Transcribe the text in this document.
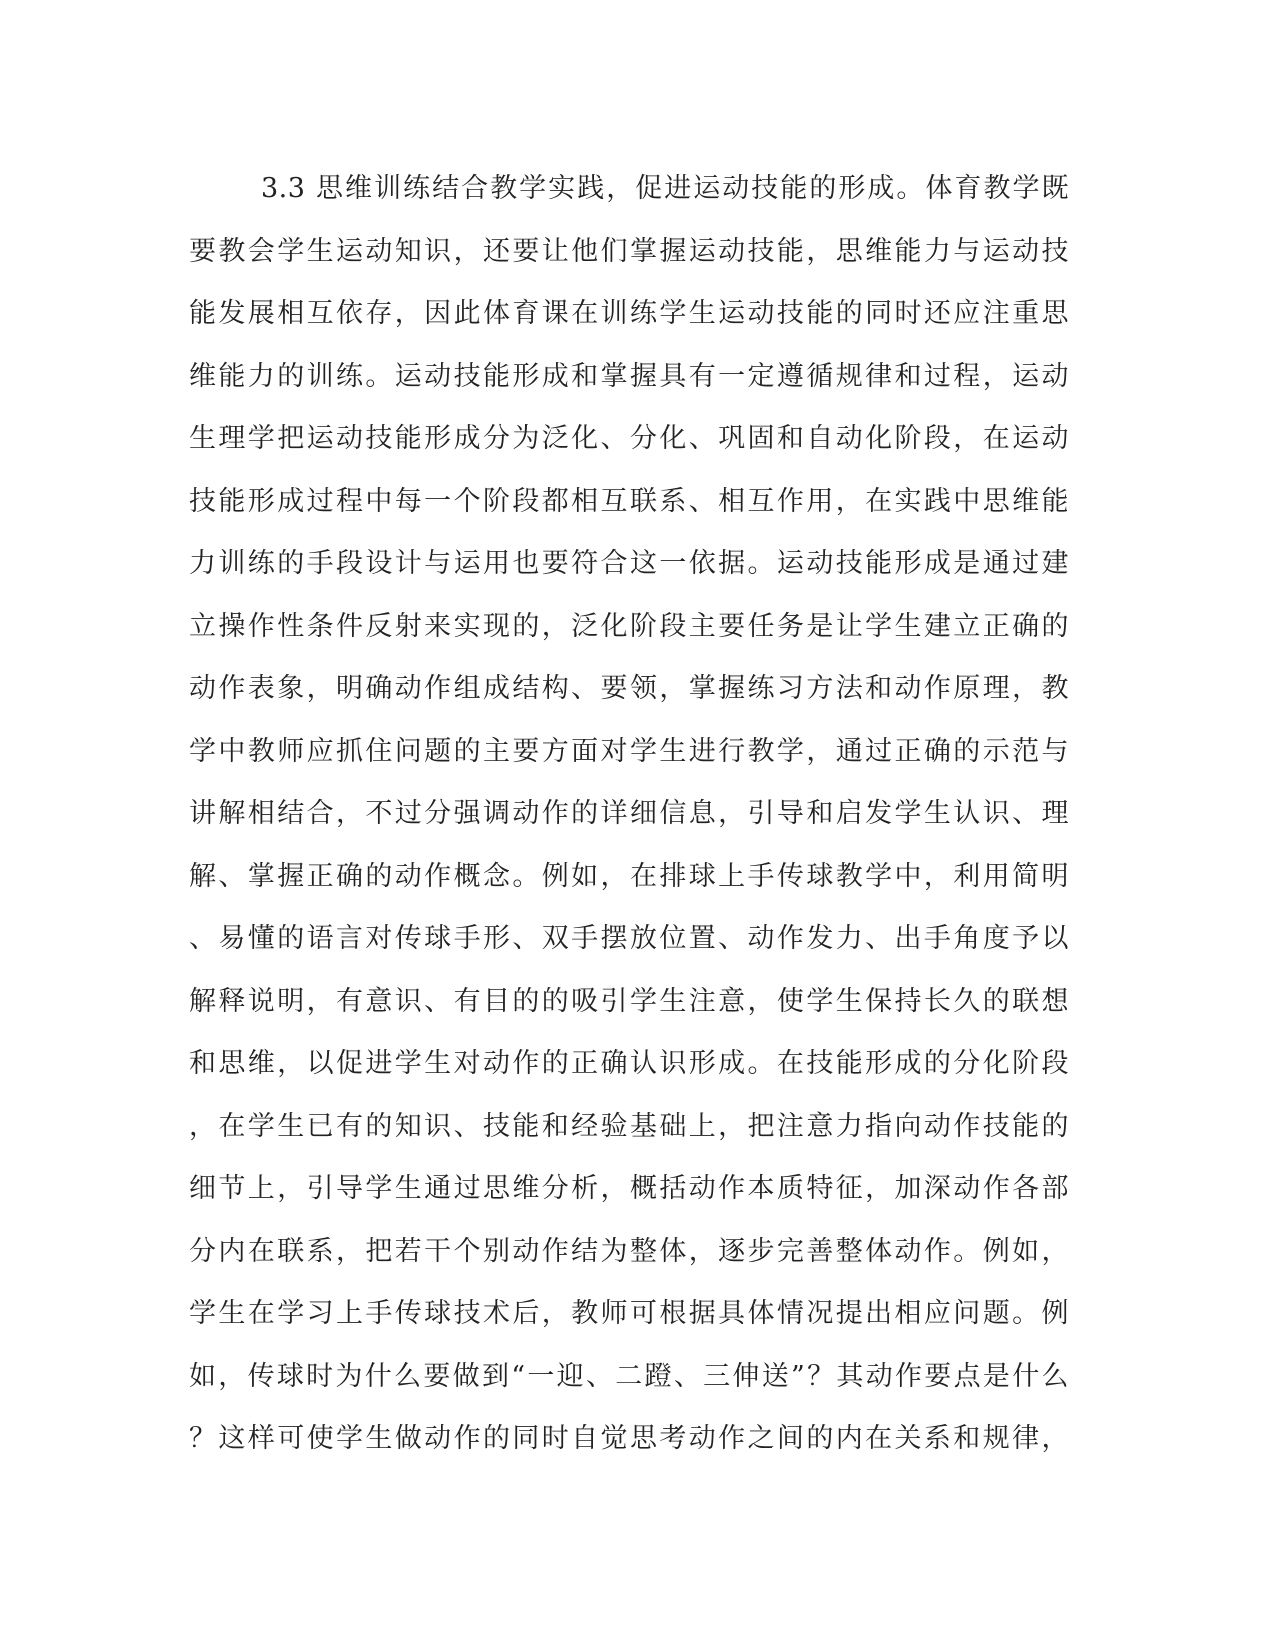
3.3 思维训练结合教学实践，促进运动技能的形成。体育教学既
要教会学生运动知识，还要让他们掌握运动技能，思维能力与运动技
能发展相互依存，因此体育课在训练学生运动技能的同时还应注重思
维能力的训练。运动技能形成和掌握具有一定遵循规律和过程，运动
生理学把运动技能形成分为泛化、分化、巩固和自动化阶段，在运动
技能形成过程中每一个阶段都相互联系、相互作用，在实践中思维能
力训练的手段设计与运用也要符合这一依据。运动技能形成是通过建
立操作性条件反射来实现的，泛化阶段主要任务是让学生建立正确的
动作表象，明确动作组成结构、要领，掌握练习方法和动作原理，教
学中教师应抓住问题的主要方面对学生进行教学，通过正确的示范与
讲解相结合，不过分强调动作的详细信息，引导和启发学生认识、理
解、掌握正确的动作概念。例如，在排球上手传球教学中，利用简明
、易懂的语言对传球手形、双手摆放位置、动作发力、出手角度予以
解释说明，有意识、有目的的吸引学生注意，使学生保持长久的联想
和思维，以促进学生对动作的正确认识形成。在技能形成的分化阶段
，在学生已有的知识、技能和经验基础上，把注意力指向动作技能的
细节上，引导学生通过思维分析，概括动作本质特征，加深动作各部
分内在联系，把若干个别动作结为整体，逐步完善整体动作。例如，
学生在学习上手传球技术后，教师可根据具体情况提出相应问题。例
如，传球时为什么要做到“一迎、二蹬、三伸送”？其动作要点是什么
？这样可使学生做动作的同时自觉思考动作之间的内在关系和规律，
